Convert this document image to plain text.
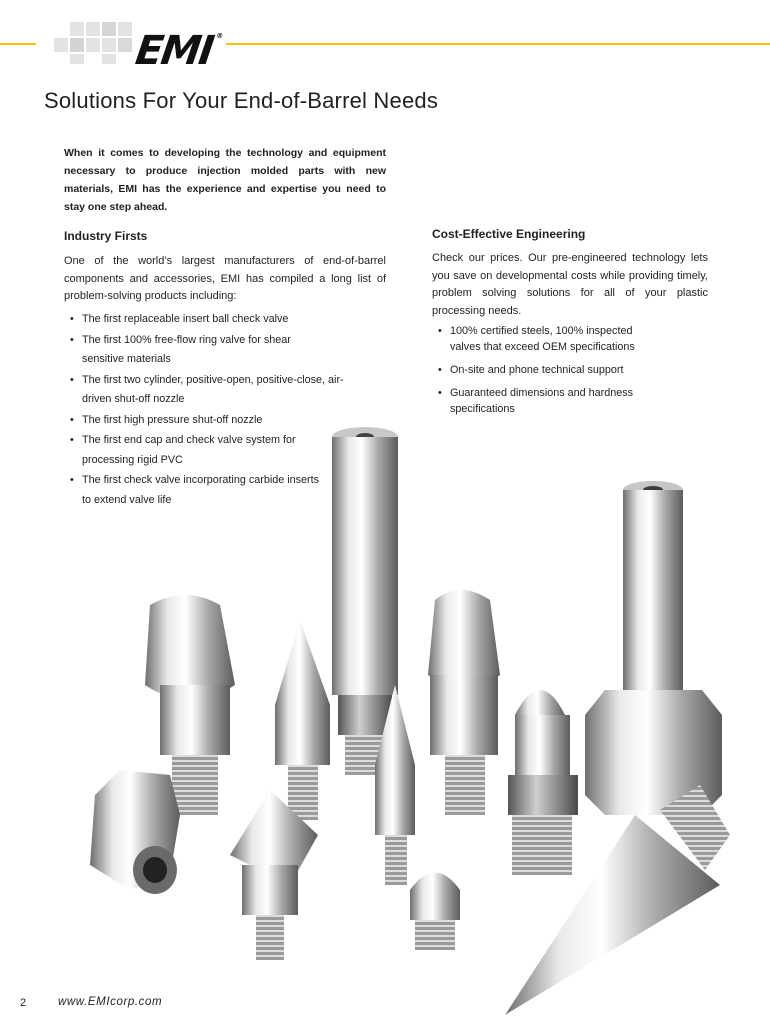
EMI®
Solutions For Your End-of-Barrel Needs
When it comes to developing the technology and equipment necessary to produce injection molded parts with new materials, EMI has the experience and expertise you need to stay one step ahead.
Industry Firsts
One of the world’s largest manufacturers of end-of-barrel components and accessories, EMI has compiled a long list of problem-solving products including:
• The first replaceable insert ball check valve
• The first 100% free-flow ring valve for shear sensitive materials
• The first two cylinder, positive-open, positive-close, air-driven shut-off nozzle
• The first high pressure shut-off nozzle
• The first end cap and check valve system for processing rigid PVC
• The first check valve incorporating carbide inserts to extend valve life
Cost-Effective Engineering
Check our prices. Our pre-engineered technology lets you save on developmental costs while providing timely, problem solving solutions for all of your plastic processing needs.
• 100% certified steels, 100% inspected valves that exceed OEM specifications
• On-site and phone technical support
• Guaranteed dimensions and hardness specifications
2	www.EMIcorp.com
